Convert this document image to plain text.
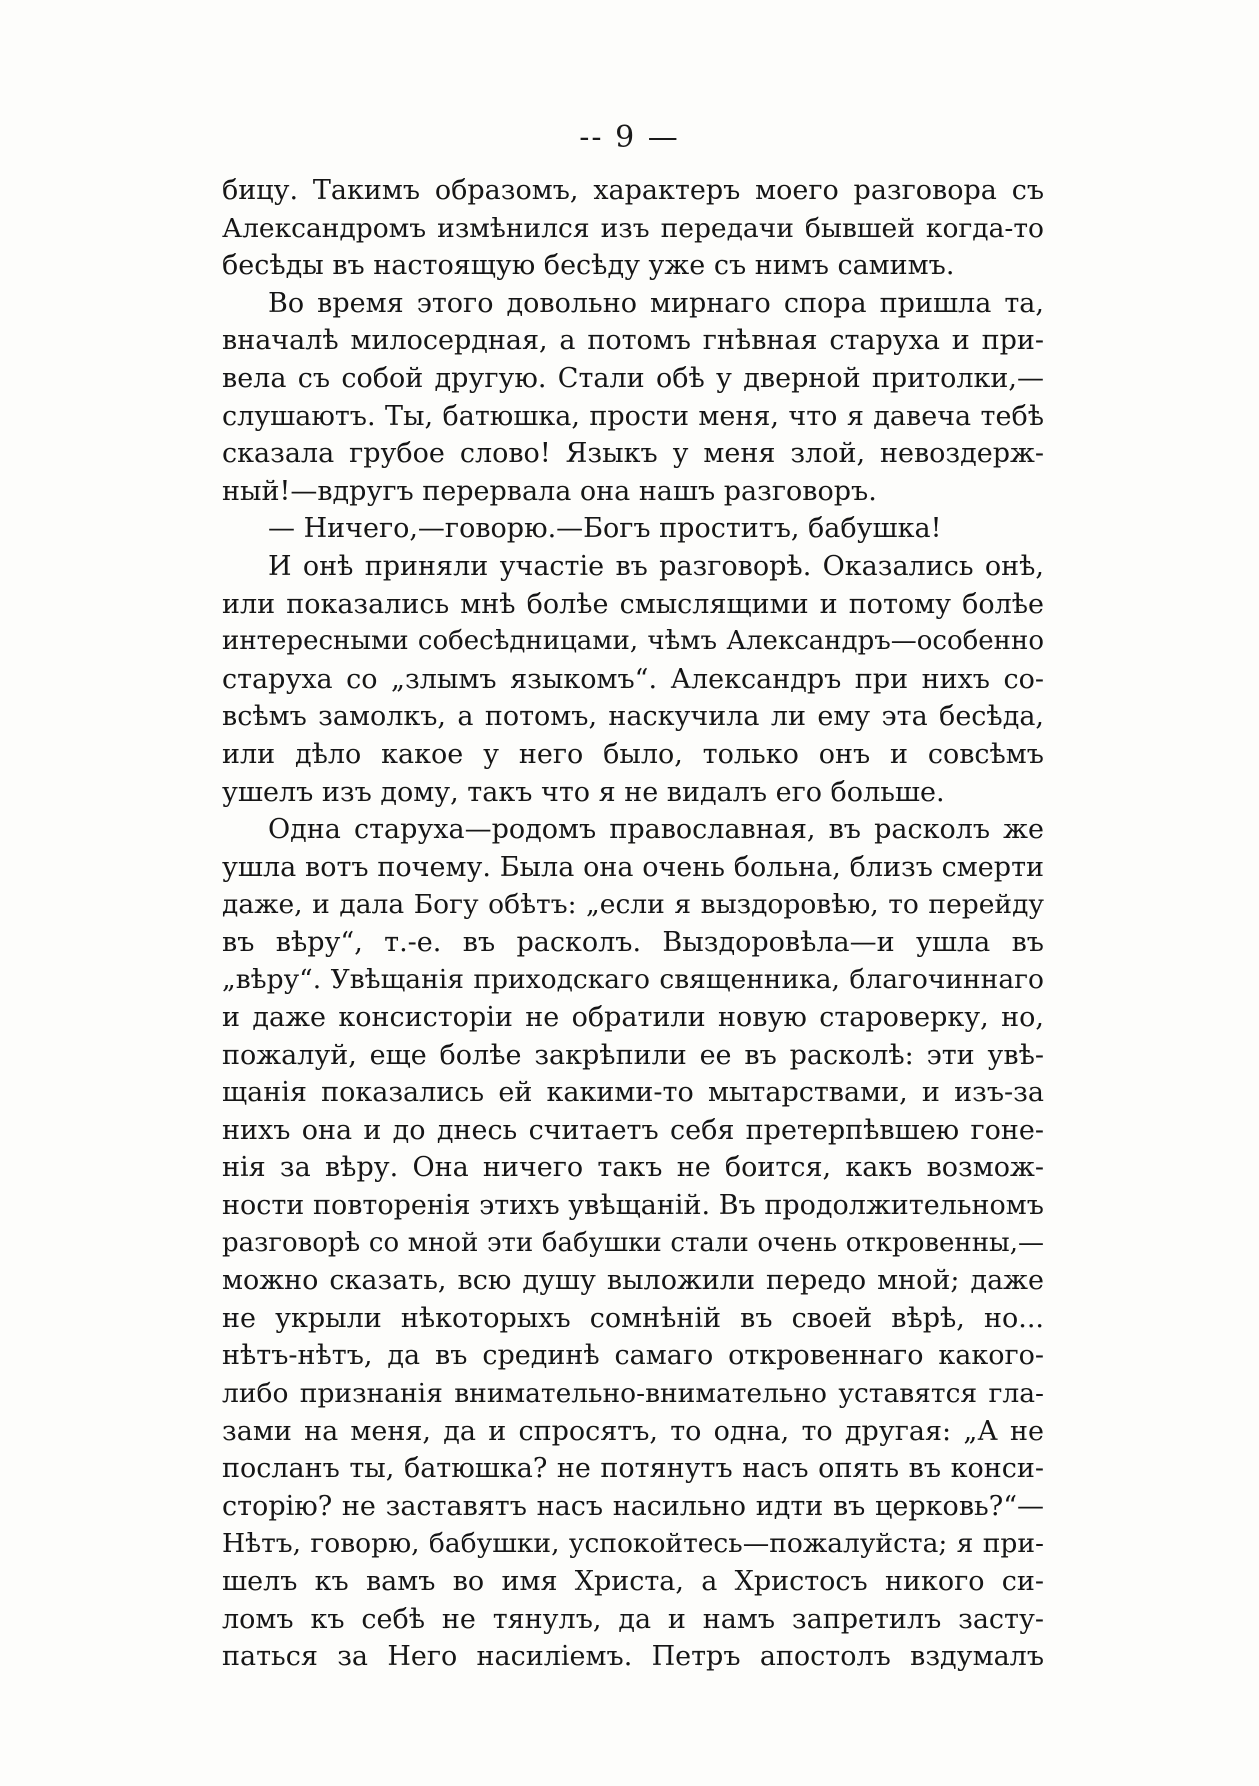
-- 9 —
бицу. Такимъ образомъ, характеръ моего разговора съ
Александромъ измѣнился изъ передачи бывшей когда-то
бесѣды въ настоящую бесѣду уже съ нимъ самимъ.
Во время этого довольно мирнаго спора пришла та,
вначалѣ милосердная, а потомъ гнѣвная старуха и при-
вела съ собой другую. Стали обѣ у дверной притолки,—
слушаютъ. Ты, батюшка, прости меня, что я давеча тебѣ
сказала грубое слово! Языкъ у меня злой, невоздерж-
ный!—вдругъ перервала она нашъ разговоръ.
— Ничего,—говорю.—Богъ проститъ, бабушка!
И онѣ приняли участіе въ разговорѣ. Оказались онѣ,
или показались мнѣ болѣе смыслящими и потому болѣе
интересными собесѣдницами, чѣмъ Александръ—особенно
старуха со „злымъ языкомъ“. Александръ при нихъ со-
всѣмъ замолкъ, а потомъ, наскучила ли ему эта бесѣда,
или дѣло какое у него было, только онъ и совсѣмъ
ушелъ изъ дому, такъ что я не видалъ его больше.
Одна старуха—родомъ православная, въ расколъ же
ушла вотъ почему. Была она очень больна, близъ смерти
даже, и дала Богу обѣтъ: „если я выздоровѣю, то перейду
въ вѣру“, т.-е. въ расколъ. Выздоровѣла—и ушла въ
„вѣру“. Увѣщанія приходскаго священника, благочиннаго
и даже консисторіи не обратили новую староверку, но,
пожалуй, еще болѣе закрѣпили ее въ расколѣ: эти увѣ-
щанія показались ей какими-то мытарствами, и изъ-за
нихъ она и до днесь считаетъ себя претерпѣвшею гоне-
нія за вѣру. Она ничего такъ не боится, какъ возмож-
ности повторенія этихъ увѣщаній. Въ продолжительномъ
разговорѣ со мной эти бабушки стали очень откровенны,—
можно сказать, всю душу выложили передо мной; даже
не укрыли нѣкоторыхъ сомнѣній въ своей вѣрѣ, но...
нѣтъ-нѣтъ, да въ срединѣ самаго откровеннаго какого-
либо признанія внимательно-внимательно уставятся гла-
зами на меня, да и спросятъ, то одна, то другая: „А не
посланъ ты, батюшка? не потянутъ насъ опять въ конси-
сторію? не заставятъ насъ насильно идти въ церковь?“—
Нѣтъ, говорю, бабушки, успокойтесь—пожалуйста; я при-
шелъ къ вамъ во имя Христа, а Христосъ никого си-
ломъ къ себѣ не тянулъ, да и намъ запретилъ засту-
паться за Него насиліемъ. Петръ апостолъ вздумалъ
